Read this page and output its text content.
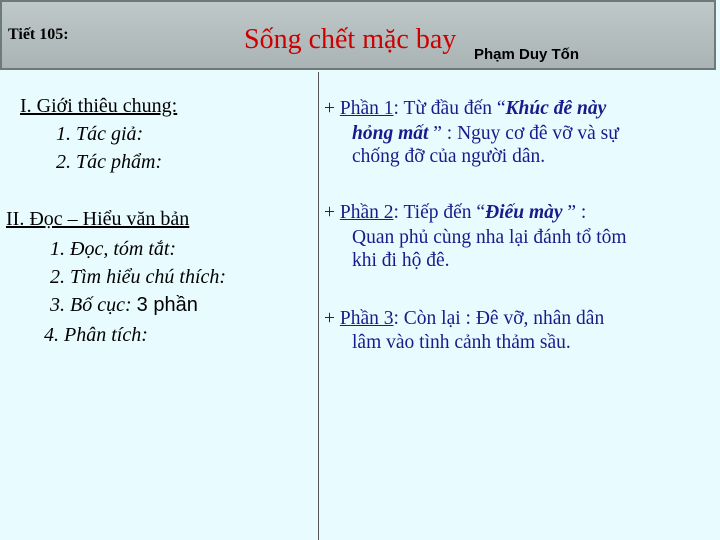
Tiết 105:	Sống chết mặc bay Phạm Duy Tốn
I. Giới thiêu chung:
1. Tác giả:
2. Tác phẩm:
II. Đọc – Hiểu văn bản
1. Đọc, tóm tắt:
2. Tìm hiểu chú thích:
3. Bố cục: 3 phần
4. Phân tích:
+ Phần 1: Từ đầu đến “Khúc đê này
hỏng mất ” : Nguy cơ đê vỡ và sự
chống đỡ của người dân.
+ Phần 2: Tiếp đến “Điếu mày ” :
Quan phủ cùng nha lại đánh tổ tôm
khi đi hộ đê.
+ Phần 3: Còn lại : Đê vỡ, nhân dân
lâm vào tình cảnh thảm sầu.
